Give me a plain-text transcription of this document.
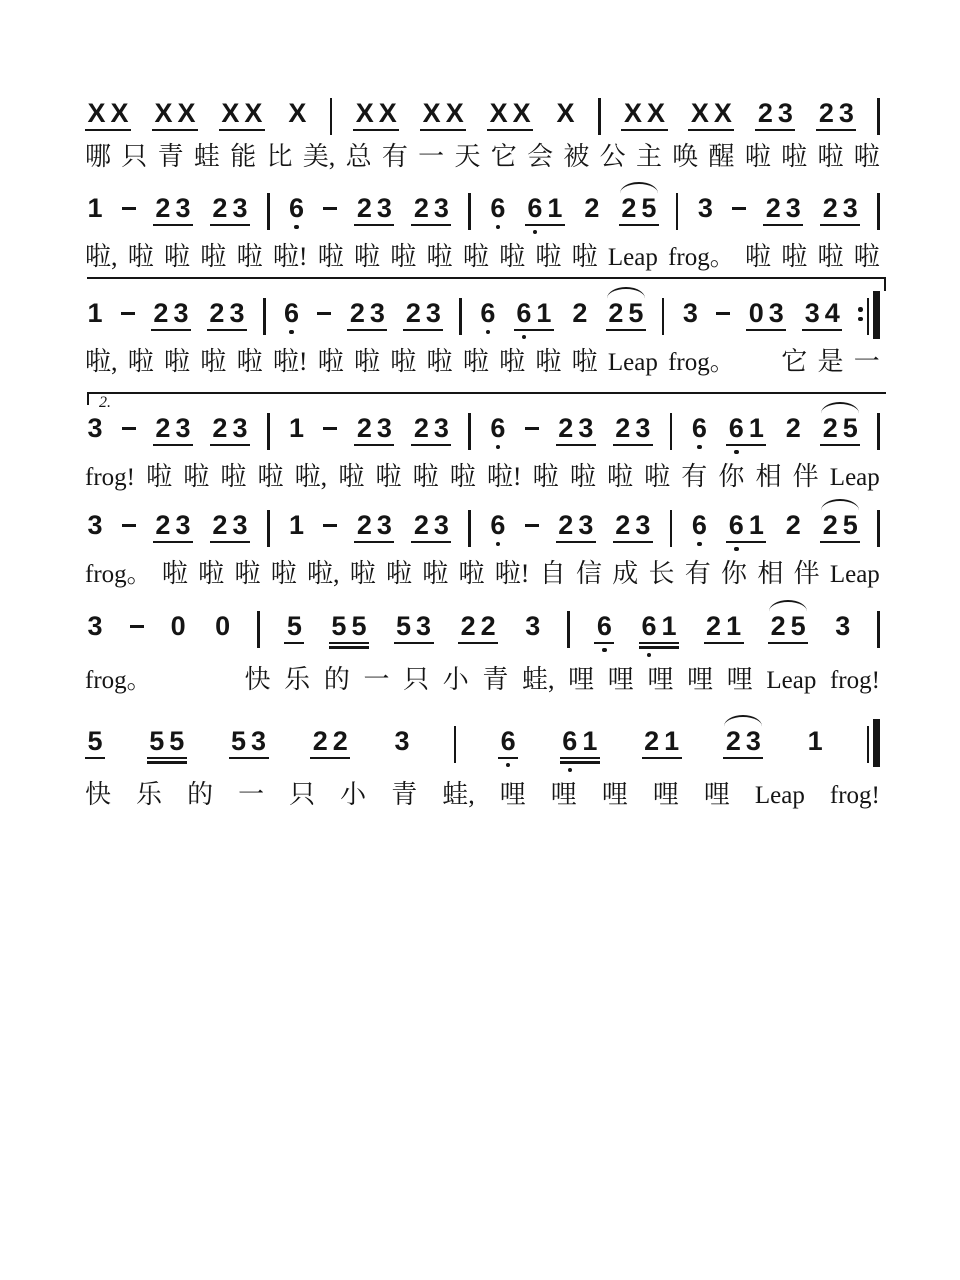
X X X X X X X X X X X X X X X X X X 2 3 2 3
哪 只 青 蛙 能 比 美, 总 有 一 天 它 会 被 公 主 唤 醒 啦 啦 啦 啦
1 2 3 2 3 6 2 3 2 3 6 6 1 2 2 5 3 2 3 2 3
啦, 啦 啦 啦 啦 啦! 啦 啦 啦 啦 啦 啦 啦 啦 Leap frog。 啦 啦 啦 啦
1 2 3 2 3 6 2 3 2 3 6 6 1 2 2 5 3 0 3 3 4
啦, 啦 啦 啦 啦 啦! 啦 啦 啦 啦 啦 啦 啦 啦 Leap frog。 它 是 一
2.
3 2 3 2 3 1 2 3 2 3 6 2 3 2 3 6 6 1 2 2 5
frog! 啦 啦 啦 啦 啦, 啦 啦 啦 啦 啦! 啦 啦 啦 啦 有 你 相 伴 Leap
3 2 3 2 3 1 2 3 2 3 6 2 3 2 3 6 6 1 2 2 5
frog。 啦 啦 啦 啦 啦, 啦 啦 啦 啦 啦! 自 信 成 长 有 你 相 伴 Leap
3	0 0 5 5 5 5 3 2 2 3 6 6 1 2 1 2 5 3
frog。	快 乐 的 一 只 小 青 蛙, 哩 哩 哩 哩 哩 Leap frog!
5 5 5 5 3 2 2 3	6 6 1 2 1 2 3 1
快 乐 的 一 只 小 青 蛙, 哩 哩 哩 哩 哩 Leap frog!
